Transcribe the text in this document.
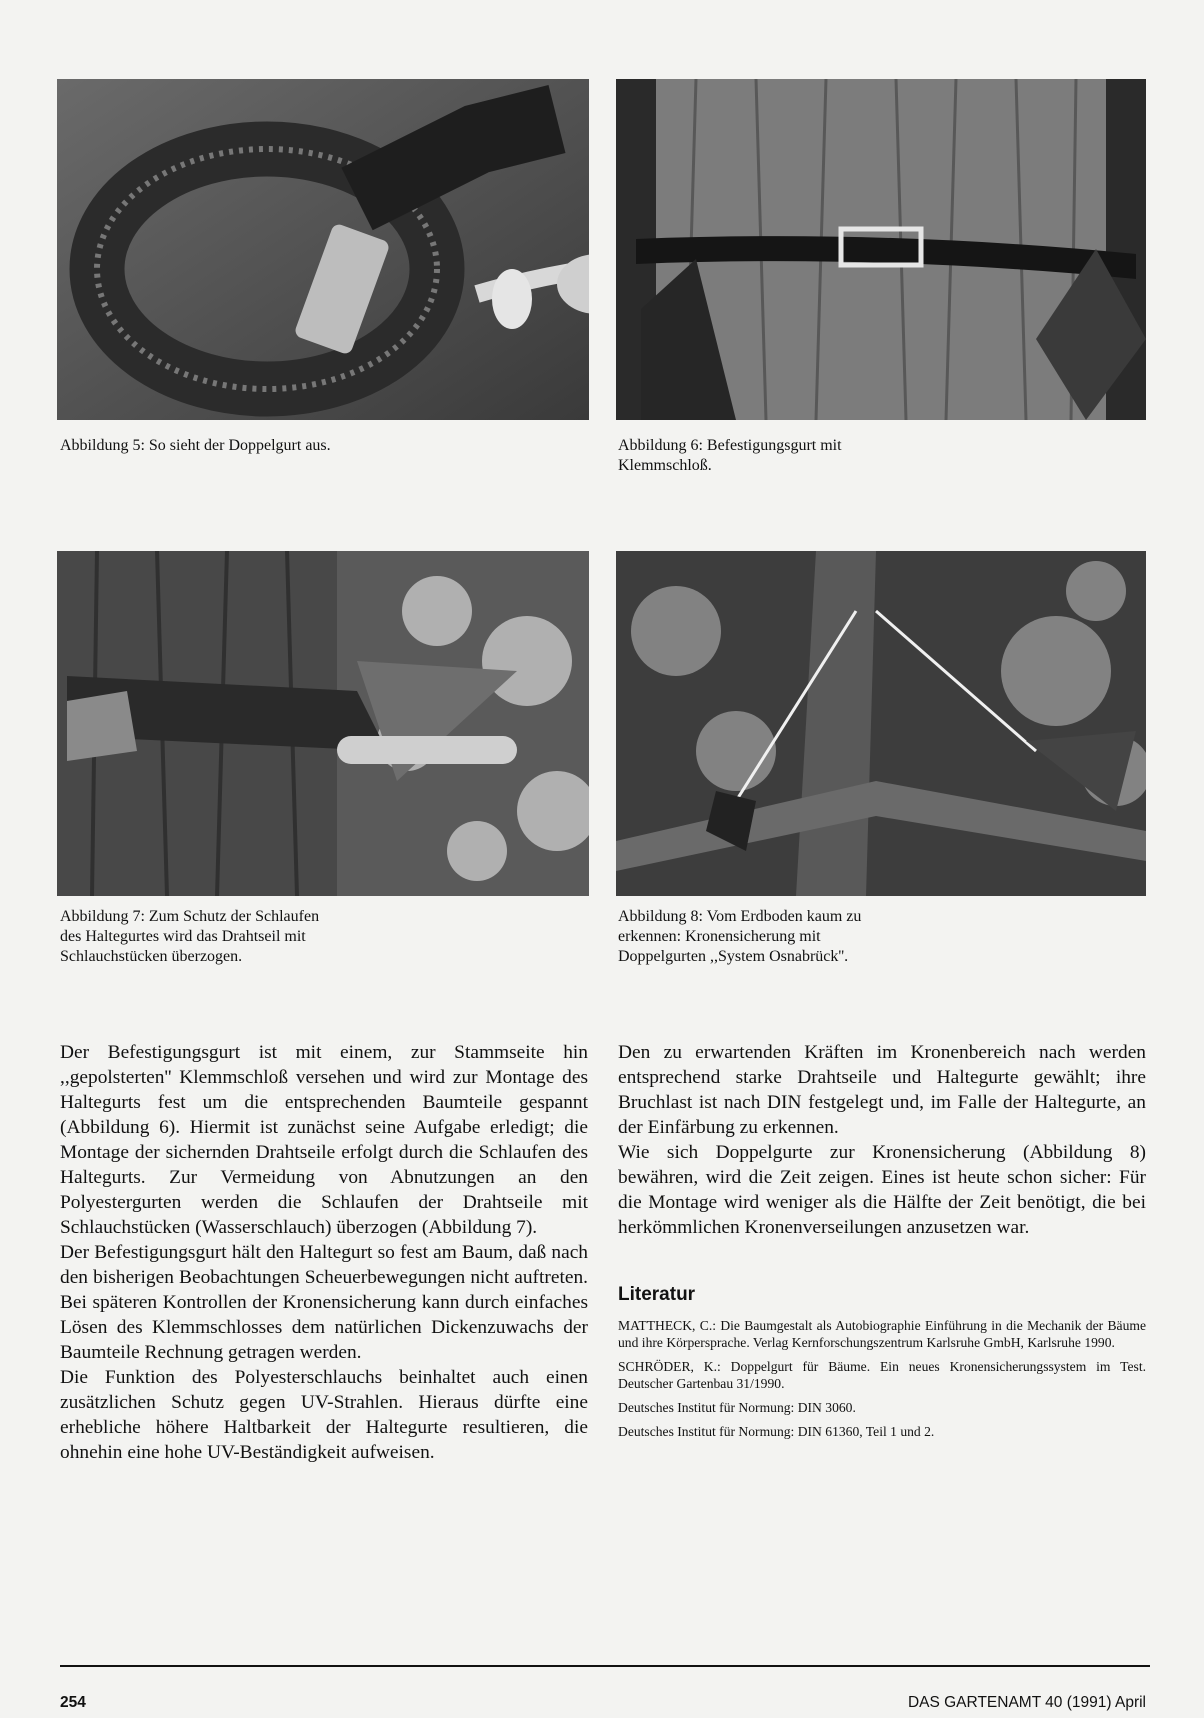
Abbildung 5: So sieht der Doppelgurt aus.	Abbildung 6: Befestigungsgurt mit Klemmschloß.
Abbildung 7: Zum Schutz der Schlaufen des Haltegurtes wird das Drahtseil mit Schlauchstücken überzogen.
Abbildung 8: Vom Erdboden kaum zu erkennen: Kronensicherung mit Doppelgurten ,,System Osnabrück''.

Der Befestigungsgurt ist mit einem, zur Stammseite hin ,,gepolsterten'' Klemmschloß versehen und wird zur Montage des Haltegurts fest um die entsprechenden Baumteile gespannt (Abbildung 6). Hiermit ist zunächst seine Aufgabe erledigt; die Montage der sichernden Drahtseile erfolgt durch die Schlaufen des Haltegurts. Zur Vermeidung von Abnutzungen an den Polyestergurten werden die Schlaufen der Drahtseile mit Schlauchstücken (Wasserschlauch) überzogen (Abbildung 7).

Der Befestigungsgurt hält den Haltegurt so fest am Baum, daß nach den bisherigen Beobachtungen Scheuerbewegungen nicht auftreten. Bei späteren Kontrollen der Kronensicherung kann durch einfaches Lösen des Klemmschlosses dem natürlichen Dickenzuwachs der Baumteile Rechnung getragen werden.

Die Funktion des Polyesterschlauchs beinhaltet auch einen zusätzlichen Schutz gegen UV-Strahlen. Hieraus dürfte eine erhebliche höhere Haltbarkeit der Haltegurte resultieren, die ohnehin eine hohe UV-Beständigkeit aufweisen.

Den zu erwartenden Kräften im Kronenbereich nach werden entsprechend starke Drahtseile und Haltegurte gewählt; ihre Bruchlast ist nach DIN festgelegt und, im Falle der Haltegurte, an der Einfärbung zu erkennen.

Wie sich Doppelgurte zur Kronensicherung (Abbildung 8) bewähren, wird die Zeit zeigen. Eines ist heute schon sicher: Für die Montage wird weniger als die Hälfte der Zeit benötigt, die bei herkömmlichen Kronenverseilungen anzusetzen war.

Literatur

MATTHECK, C.: Die Baumgestalt als Autobiographie Einführung in die Mechanik der Bäume und ihre Körpersprache. Verlag Kernforschungszentrum Karlsruhe GmbH, Karlsruhe 1990.

SCHRÖDER, K.: Doppelgurt für Bäume. Ein neues Kronensicherungssystem im Test. Deutscher Gartenbau 31/1990.

Deutsches Institut für Normung: DIN 3060.

Deutsches Institut für Normung: DIN 61360, Teil 1 und 2.

254	DAS GARTENAMT 40 (1991) April
